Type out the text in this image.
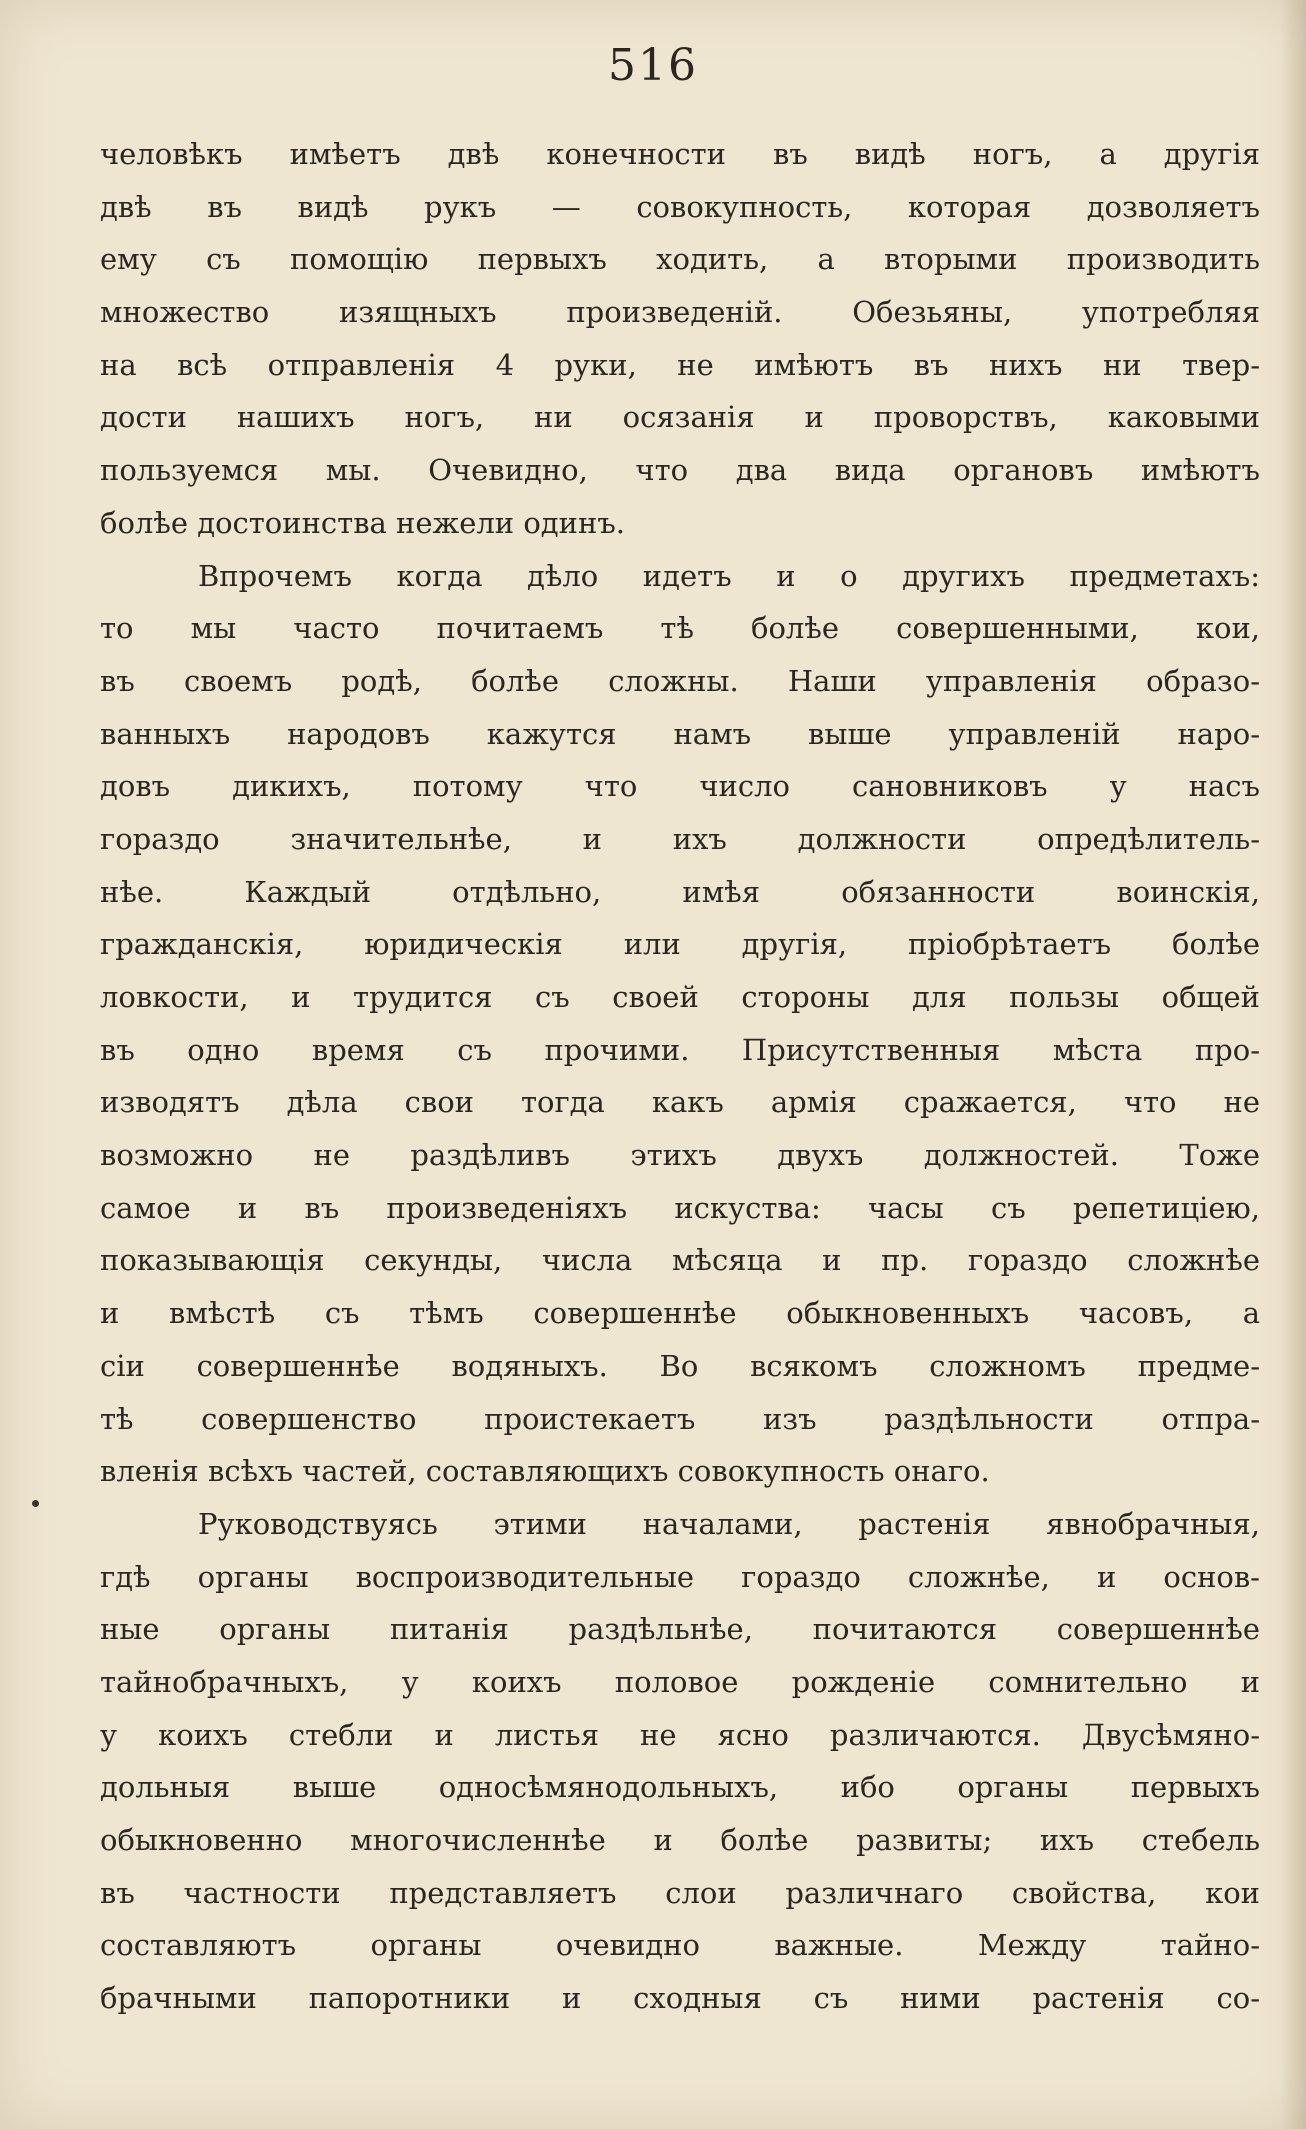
516
человѣкъ имѣетъ двѣ конечности въ видѣ ногъ, а другія
двѣ въ видѣ рукъ — совокупность, которая дозволяетъ
ему съ помощію первыхъ ходить, а вторыми производить
множество изящныхъ произведеній. Обезьяны, употребляя
на всѣ отправленія 4 руки, не имѣютъ въ нихъ ни твер-
дости нашихъ ногъ, ни осязанія и проворствъ, каковыми
пользуемся мы. Очевидно, что два вида органовъ имѣютъ
болѣе достоинства нежели одинъ.
Впрочемъ когда дѣло идетъ и о другихъ предметахъ:
то мы часто почитаемъ тѣ болѣе совершенными, кои,
въ своемъ родѣ, болѣе сложны. Наши управленія образо-
ванныхъ народовъ кажутся намъ выше управленій наро-
довъ дикихъ, потому что число сановниковъ у насъ
гораздо значительнѣе, и ихъ должности опредѣлитель-
нѣе. Каждый отдѣльно, имѣя обязанности воинскія,
гражданскія, юридическія или другія, пріобрѣтаетъ болѣе
ловкости, и трудится съ своей стороны для пользы общей
въ одно время съ прочими. Присутственныя мѣста про-
изводятъ дѣла свои тогда какъ армія сражается, что не
возможно не раздѣливъ этихъ двухъ должностей. Тоже
самое и въ произведеніяхъ искуства: часы съ репетиціею,
показывающія секунды, числа мѣсяца и пр. гораздо сложнѣе
и вмѣстѣ съ тѣмъ совершеннѣе обыкновенныхъ часовъ, а
сіи совершеннѣе водяныхъ. Во всякомъ сложномъ предме-
тѣ совершенство проистекаетъ изъ раздѣльности отпра-
вленія всѣхъ частей, составляющихъ совокупность онаго.
Руководствуясь этими началами, растенія явнобрачныя,
гдѣ органы воспроизводительные гораздо сложнѣе, и основ-
ные органы питанія раздѣльнѣе, почитаются совершеннѣе
тайнобрачныхъ, у коихъ половое рожденіе сомнительно и
у коихъ стебли и листья не ясно различаются. Двусѣмяно-
дольныя выше односѣмянодольныхъ, ибо органы первыхъ
обыкновенно многочисленнѣе и болѣе развиты; ихъ стебель
въ частности представляетъ слои различнаго свойства, кои
составляютъ органы очевидно важные. Между тайно-
брачными папоротники и сходныя съ ними растенія со-
